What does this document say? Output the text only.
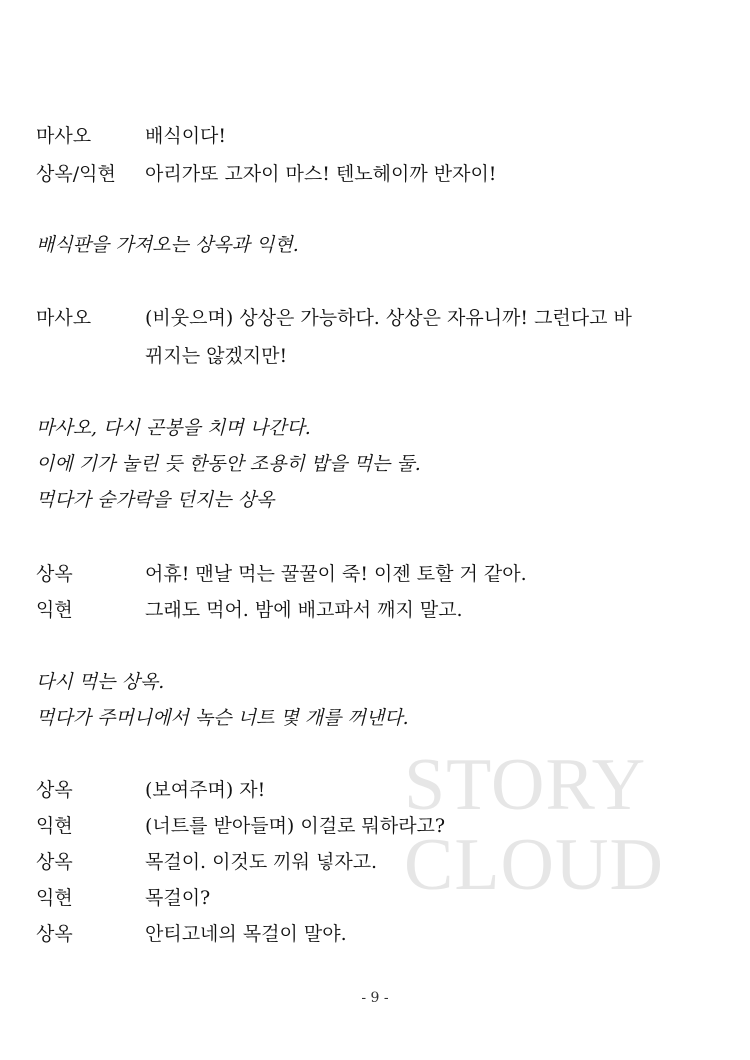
STORY
CLOUD
마사오	배식이다!
상옥/익현 아리가또 고자이 마스! 텐노헤이까 반자이!
배식판을 가져오는 상옥과 익현.
마사오	(비웃으며) 상상은 가능하다. 상상은 자유니까! 그런다고 바
뀌지는 않겠지만!
마사오, 다시 곤봉을 치며 나간다.
이에 기가 눌린 듯 한동안 조용히 밥을 먹는 둘.
먹다가 숟가락을 던지는 상옥
상옥	어휴! 맨날 먹는 꿀꿀이 죽! 이젠 토할 거 같아.
익현	그래도 먹어. 밤에 배고파서 깨지 말고.
다시 먹는 상옥.
먹다가 주머니에서 녹슨 너트 몇 개를 꺼낸다.
상옥	(보여주며) 자!
익현	(너트를 받아들며) 이걸로 뭐하라고?
상옥	목걸이. 이것도 끼워 넣자고.
익현	목걸이?
상옥	안티고네의 목걸이 말야.
- 9 -
